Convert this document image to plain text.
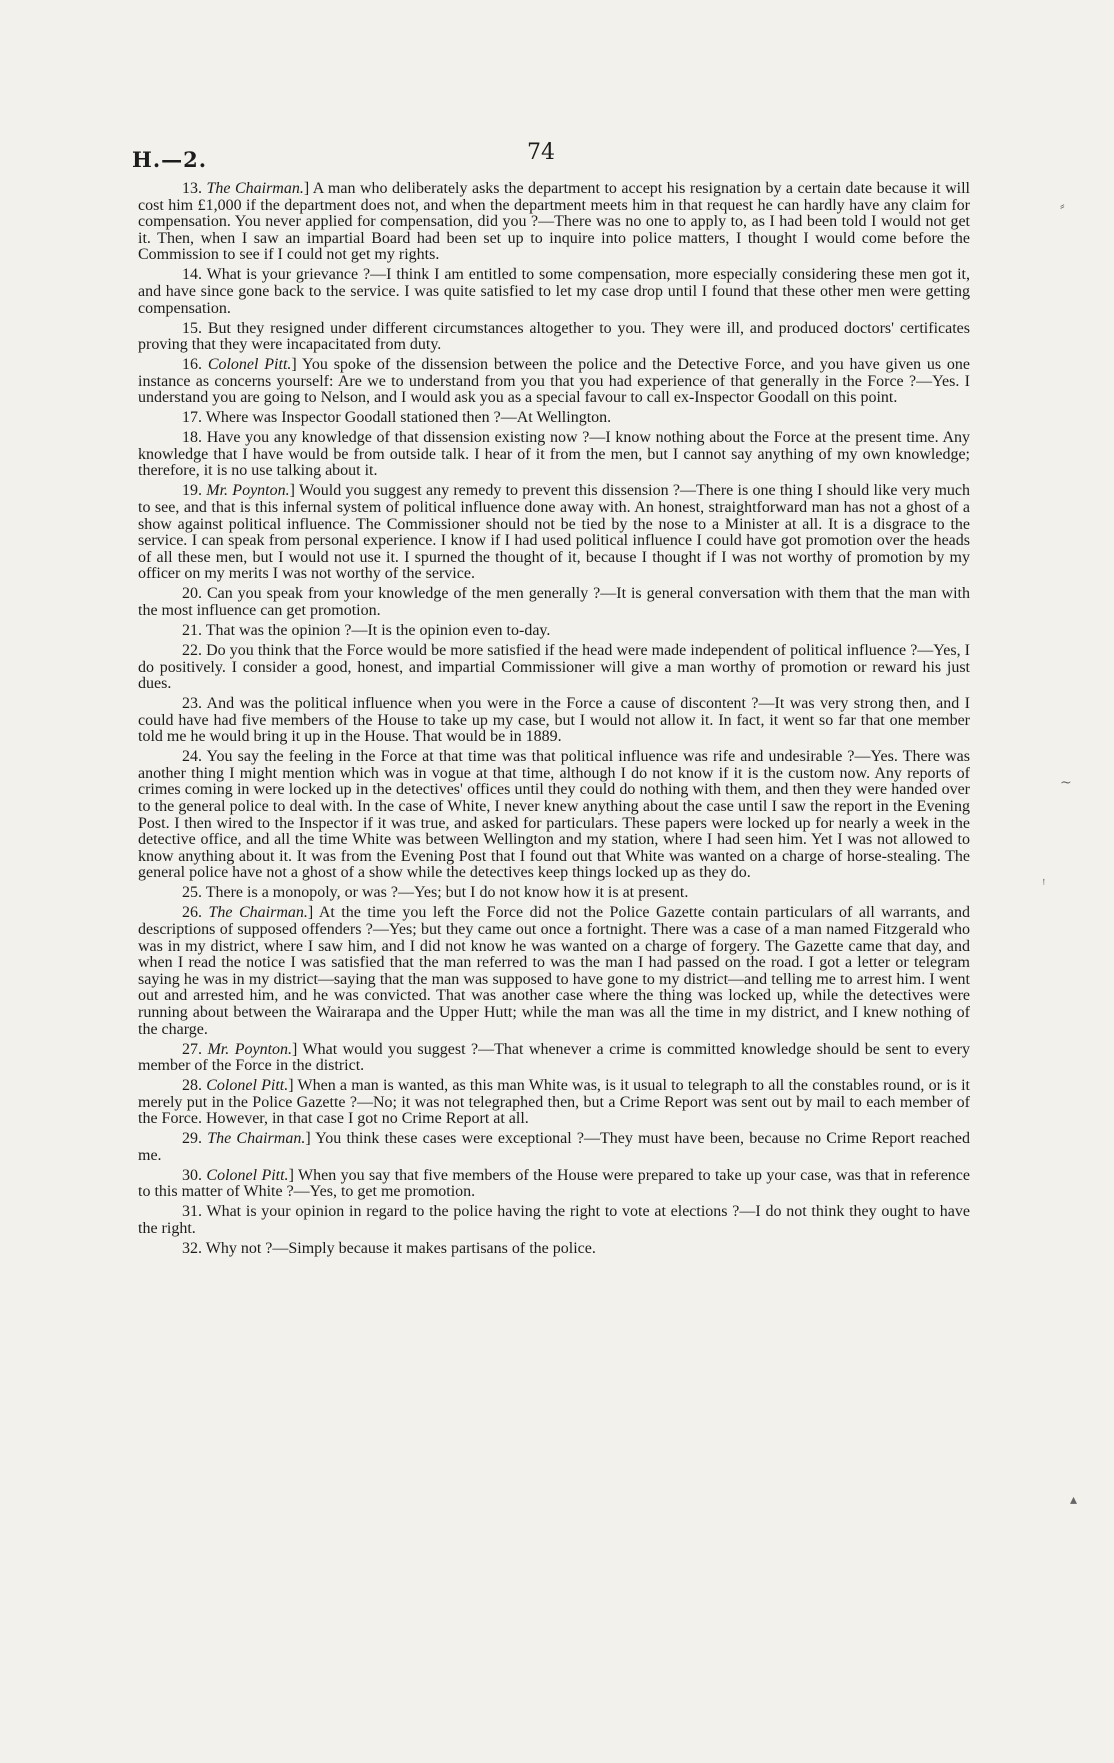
H.—2.	74

13. The Chairman.] A man who deliberately asks the department to accept his resignation by a certain date because it will cost him £1,000 if the department does not, and when the department meets him in that request he can hardly have any claim for compensation. You never applied for compensation, did you ?—There was no one to apply to, as I had been told I would not get it. Then, when I saw an impartial Board had been set up to inquire into police matters, I thought I would come before the Commission to see if I could not get my rights.

14. What is your grievance ?—I think I am entitled to some compensation, more especially considering these men got it, and have since gone back to the service. I was quite satisfied to let my case drop until I found that these other men were getting compensation.

15. But they resigned under different circumstances altogether to you. They were ill, and produced doctors' certificates proving that they were incapacitated from duty.

16. Colonel Pitt.] You spoke of the dissension between the police and the Detective Force, and you have given us one instance as concerns yourself: Are we to understand from you that you had experience of that generally in the Force ?—Yes. I understand you are going to Nelson, and I would ask you as a special favour to call ex-Inspector Goodall on this point.

17. Where was Inspector Goodall stationed then ?—At Wellington.

18. Have you any knowledge of that dissension existing now ?—I know nothing about the Force at the present time. Any knowledge that I have would be from outside talk. I hear of it from the men, but I cannot say anything of my own knowledge; therefore, it is no use talking about it.

19. Mr. Poynton.] Would you suggest any remedy to prevent this dissension ?—There is one thing I should like very much to see, and that is this infernal system of political influence done away with. An honest, straightforward man has not a ghost of a show against political influence. The Commissioner should not be tied by the nose to a Minister at all. It is a disgrace to the service. I can speak from personal experience. I know if I had used political influence I could have got promotion over the heads of all these men, but I would not use it. I spurned the thought of it, because I thought if I was not worthy of promotion by my officer on my merits I was not worthy of the service.

20. Can you speak from your knowledge of the men generally ?—It is general conversation with them that the man with the most influence can get promotion.

21. That was the opinion ?—It is the opinion even to-day.

22. Do you think that the Force would be more satisfied if the head were made independent of political influence ?—Yes, I do positively. I consider a good, honest, and impartial Commissioner will give a man worthy of promotion or reward his just dues.

23. And was the political influence when you were in the Force a cause of discontent ?—It was very strong then, and I could have had five members of the House to take up my case, but I would not allow it. In fact, it went so far that one member told me he would bring it up in the House. That would be in 1889.

24. You say the feeling in the Force at that time was that political influence was rife and undesirable ?—Yes. There was another thing I might mention which was in vogue at that time, although I do not know if it is the custom now. Any reports of crimes coming in were locked up in the detectives' offices until they could do nothing with them, and then they were handed over to the general police to deal with. In the case of White, I never knew anything about the case until I saw the report in the Evening Post. I then wired to the Inspector if it was true, and asked for particulars. These papers were locked up for nearly a week in the detective office, and all the time White was between Wellington and my station, where I had seen him. Yet I was not allowed to know anything about it. It was from the Evening Post that I found out that White was wanted on a charge of horse-stealing. The general police have not a ghost of a show while the detectives keep things locked up as they do.

25. There is a monopoly, or was ?—Yes; but I do not know how it is at present.

26. The Chairman.] At the time you left the Force did not the Police Gazette contain particulars of all warrants, and descriptions of supposed offenders ?—Yes; but they came out once a fortnight. There was a case of a man named Fitzgerald who was in my district, where I saw him, and I did not know he was wanted on a charge of forgery. The Gazette came that day, and when I read the notice I was satisfied that the man referred to was the man I had passed on the road. I got a letter or telegram saying he was in my district—saying that the man was supposed to have gone to my district—and telling me to arrest him. I went out and arrested him, and he was convicted. That was another case where the thing was locked up, while the detectives were running about between the Wairarapa and the Upper Hutt; while the man was all the time in my district, and I knew nothing of the charge.

27. Mr. Poynton.] What would you suggest ?—That whenever a crime is committed knowledge should be sent to every member of the Force in the district.

28. Colonel Pitt.] When a man is wanted, as this man White was, is it usual to telegraph to all the constables round, or is it merely put in the Police Gazette ?—No; it was not telegraphed then, but a Crime Report was sent out by mail to each member of the Force. However, in that case I got no Crime Report at all.

29. The Chairman.] You think these cases were exceptional ?—They must have been, because no Crime Report reached me.

30. Colonel Pitt.] When you say that five members of the House were prepared to take up your case, was that in reference to this matter of White ?—Yes, to get me promotion.

31. What is your opinion in regard to the police having the right to vote at elections ?—I do not think they ought to have the right.

32. Why not ?—Simply because it makes partisans of the police.

⸗
~
ꜝ
▴
